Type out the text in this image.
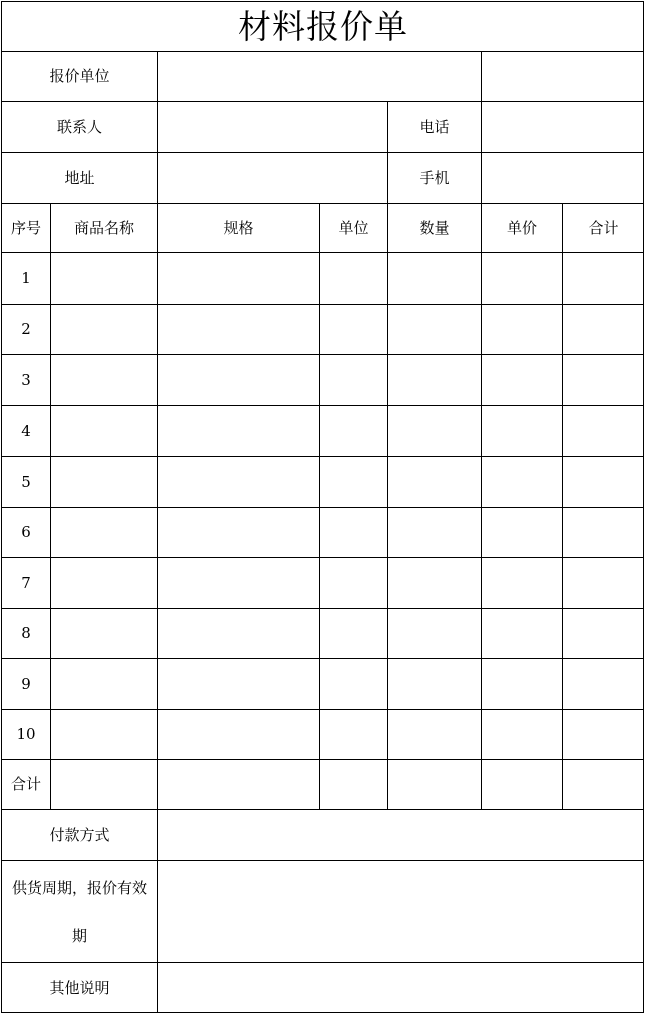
材料报价单
报价单位
联系人	电话
地址	手机
序号	商品名称	规格	单位	数量	单价	合计
1
2
3
4
5
6
7
8
9
10
合计
付款方式
供货周期，报价有效
期
其他说明
